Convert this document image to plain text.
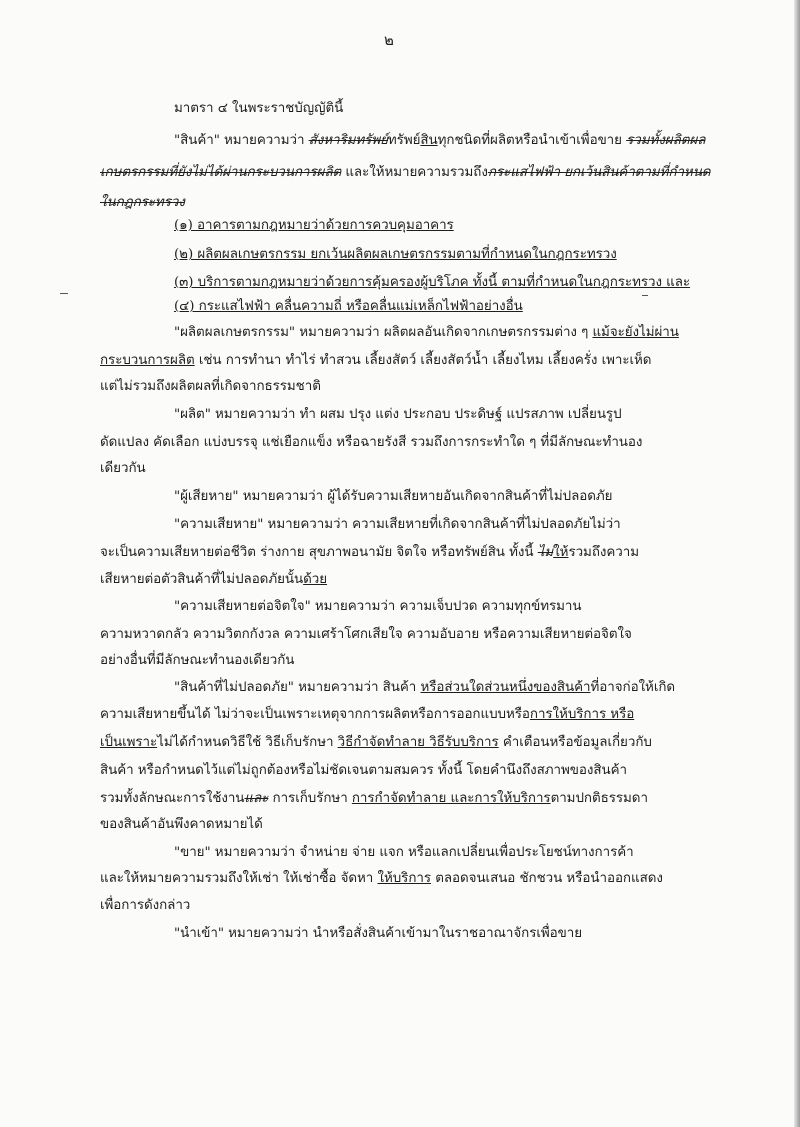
๒
มาตรา ๔ ในพระราชบัญญัตินี้
"สินค้า" หมายความว่า สังหาริมทรัพย์ทรัพย์สินทุกชนิดที่ผลิตหรือนำเข้าเพื่อขาย รวมทั้งผลิตผล
เกษตรกรรมที่ยังไม่ได้ผ่านกระบวนการผลิต และให้หมายความรวมถึงกระแสไฟฟ้า ยกเว้นสินค้าตามที่กำหนด
ในกฎกระทรวง
(๑) อาคารตามกฎหมายว่าด้วยการควบคุมอาคาร
(๒) ผลิตผลเกษตรกรรม ยกเว้นผลิตผลเกษตรกรรมตามที่กำหนดในกฎกระทรวง
(๓) บริการตามกฎหมายว่าด้วยการคุ้มครองผู้บริโภค ทั้งนี้ ตามที่กำหนดในกฎกระทรวง และ
(๔) กระแสไฟฟ้า คลื่นความถี่ หรือคลื่นแม่เหล็กไฟฟ้าอย่างอื่น
"ผลิตผลเกษตรกรรม" หมายความว่า ผลิตผลอันเกิดจากเกษตรกรรมต่าง ๆ แม้จะยังไม่ผ่าน
กระบวนการผลิต เช่น การทำนา ทำไร่ ทำสวน เลี้ยงสัตว์ เลี้ยงสัตว์น้ำ เลี้ยงไหม เลี้ยงครั่ง เพาะเห็ด
แต่ไม่รวมถึงผลิตผลที่เกิดจากธรรมชาติ
"ผลิต" หมายความว่า ทำ ผสม ปรุง แต่ง ประกอบ ประดิษฐ์ แปรสภาพ เปลี่ยนรูป
ดัดแปลง คัดเลือก แบ่งบรรจุ แช่เยือกแข็ง หรือฉายรังสี รวมถึงการกระทำใด ๆ ที่มีลักษณะทำนอง
เดียวกัน
"ผู้เสียหาย" หมายความว่า ผู้ได้รับความเสียหายอันเกิดจากสินค้าที่ไม่ปลอดภัย
"ความเสียหาย" หมายความว่า ความเสียหายที่เกิดจากสินค้าที่ไม่ปลอดภัยไม่ว่า
จะเป็นความเสียหายต่อชีวิต ร่างกาย สุขภาพอนามัย จิตใจ หรือทรัพย์สิน ทั้งนี้ ไม่ให้รวมถึงความ
เสียหายต่อตัวสินค้าที่ไม่ปลอดภัยนั้นด้วย
"ความเสียหายต่อจิตใจ" หมายความว่า ความเจ็บปวด ความทุกข์ทรมาน
ความหวาดกลัว ความวิตกกังวล ความเศร้าโศกเสียใจ ความอับอาย หรือความเสียหายต่อจิตใจ
อย่างอื่นที่มีลักษณะทำนองเดียวกัน
"สินค้าที่ไม่ปลอดภัย" หมายความว่า สินค้า หรือส่วนใดส่วนหนึ่งของสินค้าที่อาจก่อให้เกิด
ความเสียหายขึ้นได้ ไม่ว่าจะเป็นเพราะเหตุจากการผลิตหรือการออกแบบหรือการให้บริการ หรือ
เป็นเพราะไม่ได้กำหนดวิธีใช้ วิธีเก็บรักษา วิธีกำจัดทำลาย วิธีรับบริการ คำเตือนหรือข้อมูลเกี่ยวกับ
สินค้า หรือกำหนดไว้แต่ไม่ถูกต้องหรือไม่ชัดเจนตามสมควร ทั้งนี้ โดยคำนึงถึงสภาพของสินค้า
รวมทั้งลักษณะการใช้งานและ การเก็บรักษา การกำจัดทำลาย และการให้บริการตามปกติธรรมดา
ของสินค้าอันพึงคาดหมายได้
"ขาย" หมายความว่า จำหน่าย จ่าย แจก หรือแลกเปลี่ยนเพื่อประโยชน์ทางการค้า
และให้หมายความรวมถึงให้เช่า ให้เช่าซื้อ จัดหา ให้บริการ ตลอดจนเสนอ ชักชวน หรือนำออกแสดง
เพื่อการดังกล่าว
"นำเข้า" หมายความว่า นำหรือสั่งสินค้าเข้ามาในราชอาณาจักรเพื่อขาย
